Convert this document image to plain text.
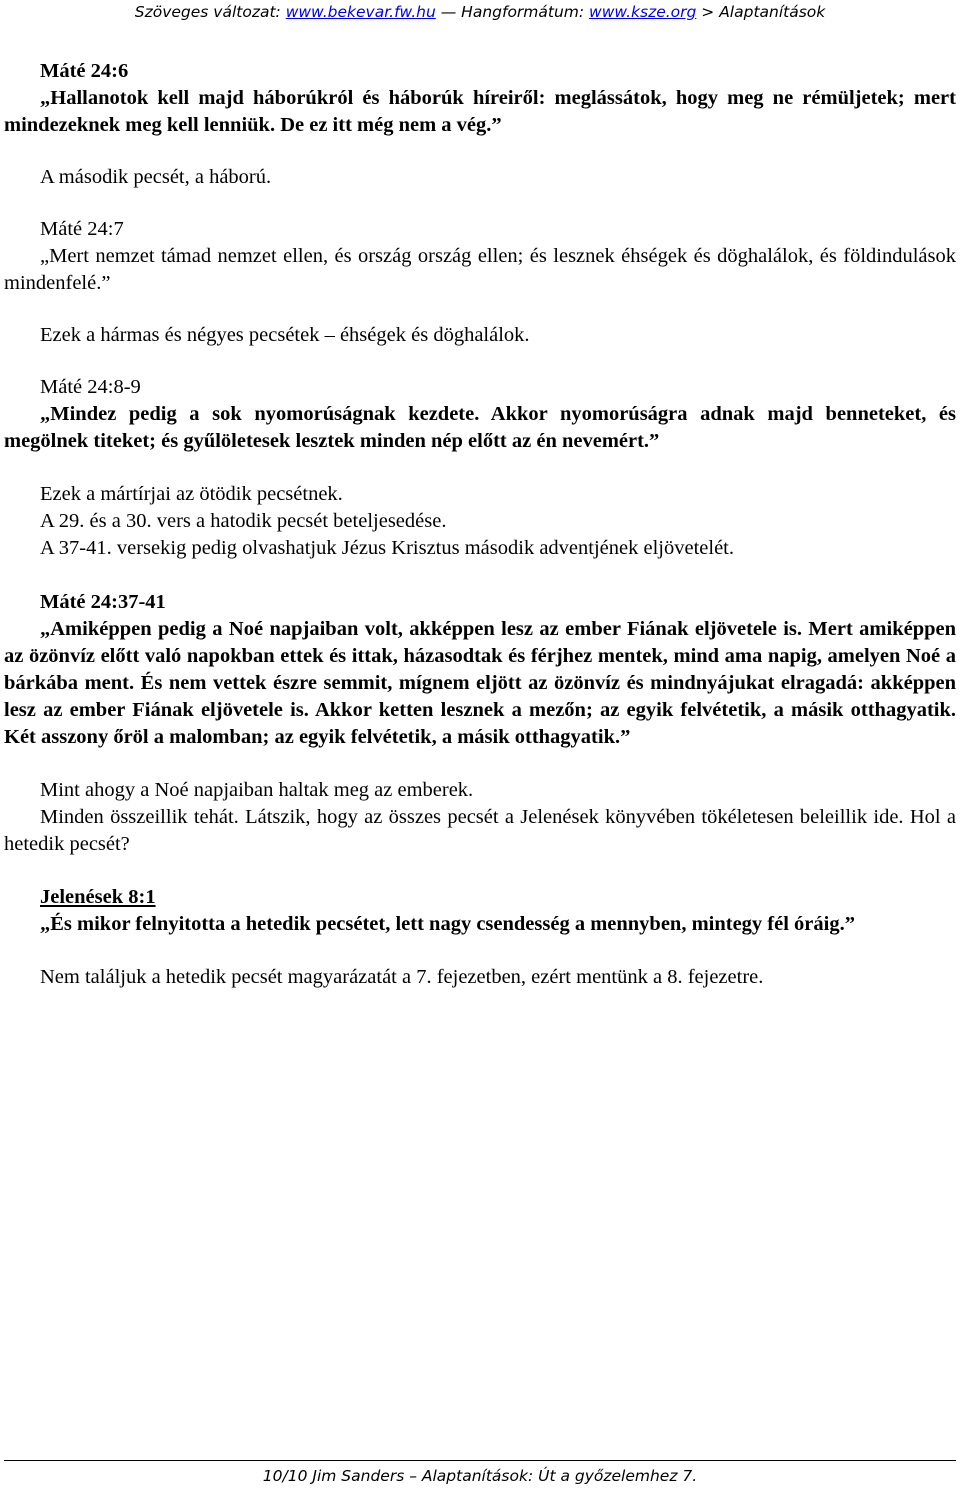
Szöveges változat: www.bekevar.fw.hu — Hangformátum: www.ksze.org > Alaptanítások

Máté 24:6

„Hallanotok kell majd háborúkról és háborúk híreiről: meglássátok, hogy meg ne rémüljetek; mert mindezeknek meg kell lenniük. De ez itt még nem a vég.”

A második pecsét, a háború.

Máté 24:7

„Mert nemzet támad nemzet ellen, és ország ország ellen; és lesznek éhségek és döghalálok, és földindulások mindenfelé.”

Ezek a hármas és négyes pecsétek – éhségek és döghalálok.

Máté 24:8-9

„Mindez pedig a sok nyomorúságnak kezdete. Akkor nyomorúságra adnak majd benneteket, és megölnek titeket; és gyűlöletesek lesztek minden nép előtt az én nevemért.”

Ezek a mártírjai az ötödik pecsétnek.

A 29. és a 30. vers a hatodik pecsét beteljesedése.

A 37-41. versekig pedig olvashatjuk Jézus Krisztus második adventjének eljövetelét.

Máté 24:37-41

„Amiképpen pedig a Noé napjaiban volt, akképpen lesz az ember Fiának eljövetele is. Mert amiképpen az özönvíz előtt való napokban ettek és ittak, házasodtak és férjhez mentek, mind ama napig, amelyen Noé a bárkába ment. És nem vettek észre semmit, mígnem eljött az özönvíz és mindnyájukat elragadá: akképpen lesz az ember Fiának eljövetele is. Akkor ketten lesznek a mezőn; az egyik felvétetik, a másik otthagyatik. Két asszony őröl a malomban; az egyik felvétetik, a másik otthagyatik.”

Mint ahogy a Noé napjaiban haltak meg az emberek.

Minden összeillik tehát. Látszik, hogy az összes pecsét a Jelenések könyvében tökéletesen beleillik ide. Hol a hetedik pecsét?

Jelenések 8:1

„És mikor felnyitotta a hetedik pecsétet, lett nagy csendesség a mennyben, mintegy fél óráig.”

Nem találjuk a hetedik pecsét magyarázatát a 7. fejezetben, ezért mentünk a 8. fejezetre.

10/10 Jim Sanders – Alaptanítások: Út a győzelemhez 7.
